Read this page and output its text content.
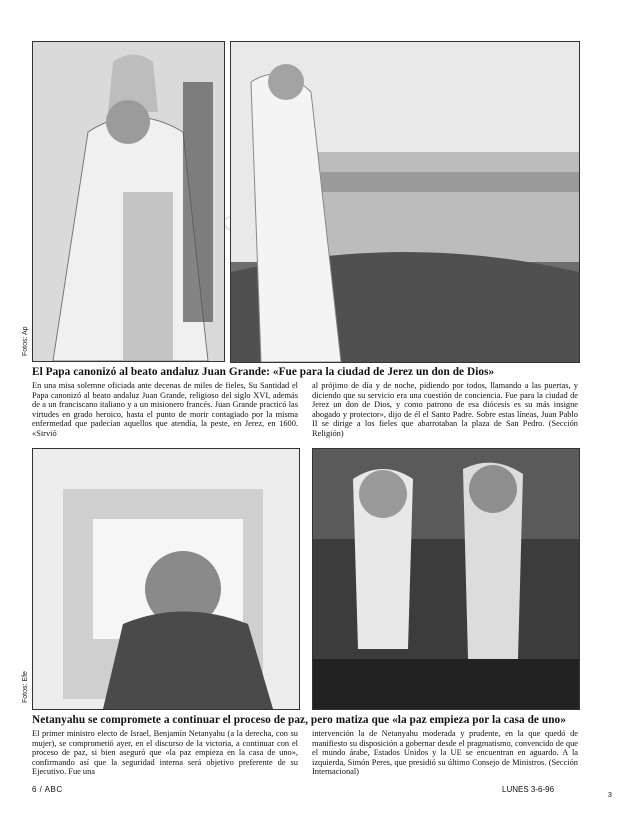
Fotos: Ap
El Papa canonizó al beato andaluz Juan Grande: «Fue para la ciudad de Jerez un don de Dios»
En una misa solemne oficiada ante decenas de miles de fieles, Su Santidad el Papa canonizó al beato andaluz Juan Grande, religioso del siglo XVI, además de a un franciscano italiano y a un misionero francés. Juan Grande practicó las virtudes en grado heroico, hasta el punto de morir contagiado por la misma enfermedad que padecían aquellos que atendía, la peste, en Jerez, en 1600. «Sirvió
al prójimo de día y de noche, pidiendo por todos, llamando a las puertas, y diciendo que su servicio era una cuestión de conciencia. Fue para la ciudad de Jerez un don de Dios, y como patrono de esa diócesis es su más insigne abogado y protector», dijo de él el Santo Padre. Sobre estas líneas, Juan Pablo II se dirige a los fieles que abarrotaban la plaza de San Pedro. (Sección Religión)
Fotos: Efe
Netanyahu se compromete a continuar el proceso de paz, pero matiza que «la paz empieza por la casa de uno»
El primer ministro electo de Israel, Benjamín Netanyahu (a la derecha, con su mujer), se comprometió ayer, en el discurso de la victoria, a continuar con el proceso de paz, si bien aseguró que «la paz empieza en la casa de uno», confirmando así que la seguridad interna será objetivo preferente de su Ejecutivo. Fue una
intervención la de Netanyahu moderada y prudente, en la que quedó de manifiesto su disposición a gobernar desde el pragmatismo, convencido de que el mundo árabe, Estados Unidos y la UE se encuentran en aguardo. A la izquierda, Simón Peres, que presidió su último Consejo de Ministros. (Sección Internacional)
6 / ABC	LUNES 3-6-96
3
